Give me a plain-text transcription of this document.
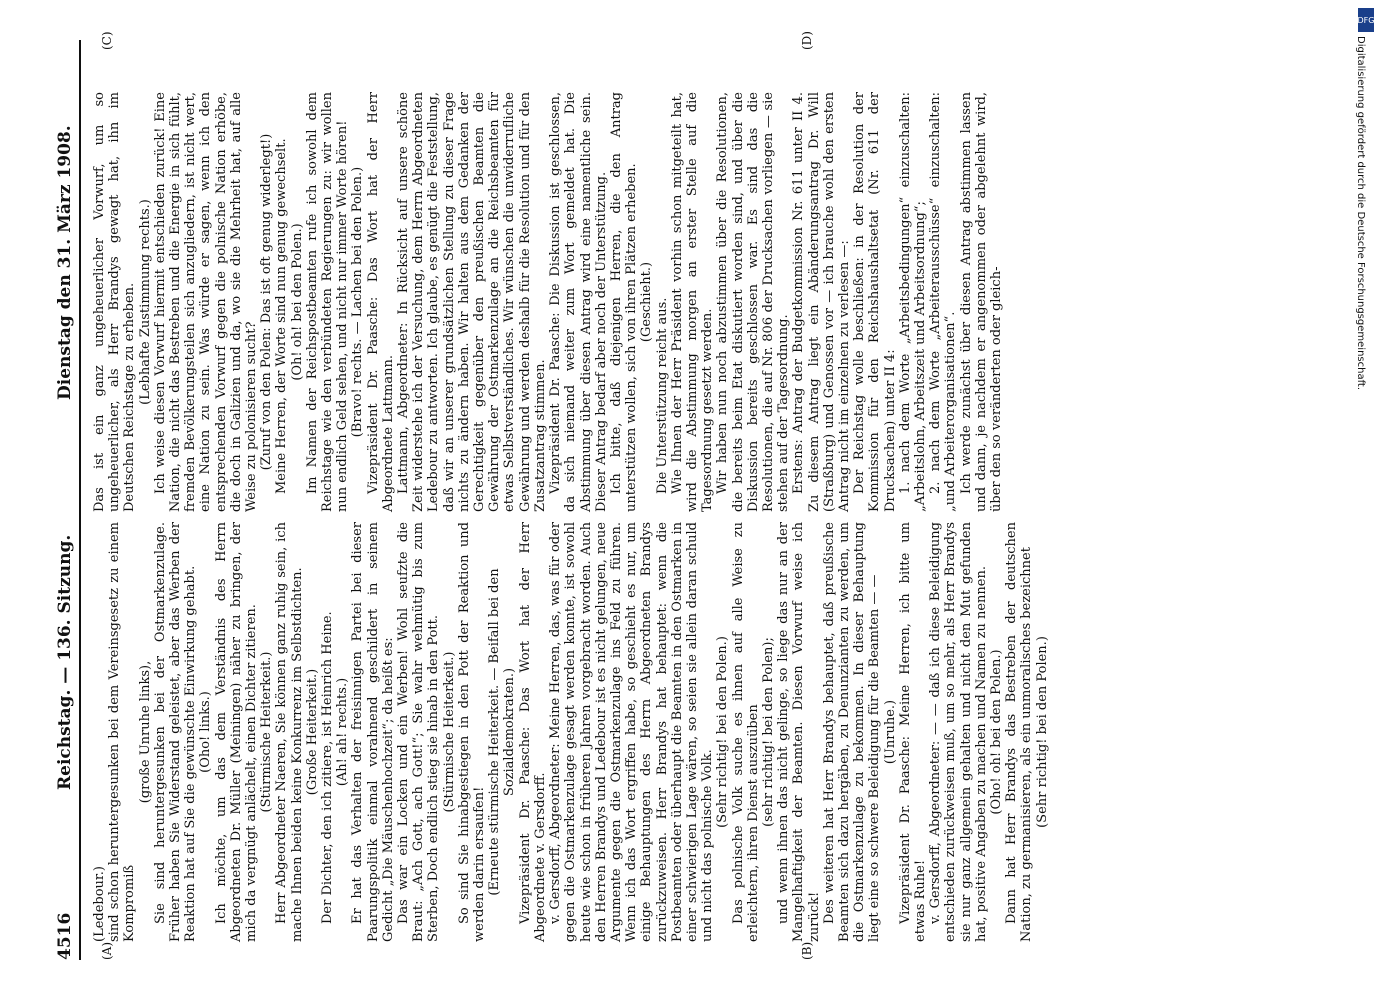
DFG
Digitalisierung gefördert durch die Deutsche Forschungsgemeinschaft.
4516
Reichstag. — 136. Sitzung.
Dienstag den 31. März 1908.
(A)	(B)
(C)	(D)

(Ledebour.) sind schon heruntergesunken bei dem Vereinsgesetz zu einem Kompromiß

(große Unruhe links), Sie sind heruntergesunken bei der Ostmarkenzulage. Früher haben Sie Widerstand geleistet, aber das Werben der Reaktion hat auf Sie die gewünschte Einwirkung gehabt. (Oho! links.) Ich möchte, um das dem Verständnis des Herrn Abgeordneten Dr. Müller (Meiningen) näher zu bringen, der mich da vergnügt anlächelt, einen Dichter zitieren. (Stürmische Heiterkeit.) Herr Abgeordneter Naeren, Sie können ganz ruhig sein, ich mache Ihnen beiden keine Konkurrenz im Selbstdichten. (Große Heiterkeit.) Der Dichter, den ich zitiere, ist Heinrich Heine. (Ah! ah! rechts.) Er hat das Verhalten der freisinnigen Partei bei dieser Paarungspolitik einmal vorahnend geschildert in seinem Gedicht „Die Mäuschenhochzeit“; da heißt es: Das war ein Locken und ein Werben! Wohl seufzte die Braut: „Ach Gott, ach Gott!“; Sie wahr wehmütig bis zum Sterben, Doch endlich stieg sie hinab in den Pott. (Stürmische Heiterkeit.) So sind Sie hinabgestiegen in den Pott der Reaktion und werden darin ersaufen! (Erneute stürmische Heiterkeit. — Beifall bei den Sozialdemokraten.) Vizepräsident Dr. Paasche: Das Wort hat der Herr Abgeordnete v. Gersdorff. v. Gersdorff, Abgeordneter: Meine Herren, das, was für oder gegen die Ostmarkenzulage gesagt werden konnte, ist sowohl heute wie schon in früheren Jahren vorgebracht worden. Auch den Herren Brandys und Ledebour ist es nicht gelungen, neue Argumente gegen die Ostmarkenzulage ins Feld zu führen. Wenn ich das Wort ergriffen habe, so geschieht es nur, um einige Behauptungen des Herrn Abgeordneten Brandys zurückzuweisen. Herr Brandys hat behauptet: wenn die Postbeamten oder überhaupt die Beamten in den Ostmarken in einer schwierigen Lage wären, so seien sie allein daran schuld und nicht das polnische Volk.

(Sehr richtig! bei den Polen.) Das polnische Volk suche es ihnen auf alle Weise zu erleichtern, ihren Dienst auszuüben (sehr richtig! bei den Polen); und wenn ihnen das nicht gelinge, so liege das nur an der Mangelhaftigkeit der Beamten. Diesen Vorwurf weise ich zurück! Des weiteren hat Herr Brandys behauptet, daß preußische Beamten sich dazu hergäben, zu Denunzianten zu werden, um die Ostmarkenzulage zu bekommen. In dieser Behauptung liegt eine so schwere Beleidigung für die Beamten — — (Unruhe.) Vizepräsident Dr. Paasche: Meine Herren, ich bitte um etwas Ruhe! v. Gersdorff, Abgeordneter: — — daß ich diese Beleidigung entschieden zurückweisen muß, um so mehr, als Herr Brandys sie nur ganz allgemein gehalten und nicht den Mut gefunden hat, positive Angaben zu machen und Namen zu nennen. (Oho! oh! bei den Polen.) Dann hat Herr Brandys das Bestreben der deutschen Nation, zu germanisieren, als ein unmoralisches bezeichnet (Sehr richtig! bei den Polen.)

Das ist ein ganz ungeheuerlicher Vorwurf, um so ungeheuerlicher, als Herr Brandys gewagt hat, ihn im Deutschen Reichstage zu erheben. (Lebhafte Zustimmung rechts.) Ich weise diesen Vorwurf hiermit entschieden zurück! Eine Nation, die nicht das Bestreben und die Energie in sich fühlt, fremden Bevölkerungsteilen sich anzugliedern, ist nicht wert, eine Nation zu sein. Was würde er sagen, wenn ich den entsprechenden Vorwurf gegen die polnische Nation erhöbe, die doch in Galizien und da, wo sie die Mehrheit hat, auf alle Weise zu polonisieren sucht? (Zuruf von den Polen: Das ist oft genug widerlegt!) Meine Herren, der Worte sind nun genug gewechselt. (Oh! oh! bei den Polen.) Im Namen der Reichspostbeamten rufe ich sowohl dem Reichstage wie den verbündeten Regierungen zu: wir wollen nun endlich Geld sehen, und nicht nur immer Worte hören! (Bravo! rechts. — Lachen bei den Polen.) Vizepräsident Dr. Paasche: Das Wort hat der Herr Abgeordnete Lattmann. Lattmann, Abgeordneter: In Rücksicht auf unsere schöne Zeit widerstehe ich der Versuchung, dem Herrn Abgeordneten Ledebour zu antworten. Ich glaube, es genügt die Feststellung, daß wir an unserer grundsätzlichen Stellung zu dieser Frage nichts zu ändern haben. Wir halten aus dem Gedanken der Gerechtigkeit gegenüber den preußischen Beamten die Gewährung der Ostmarkenzulage an die Reichsbeamten für etwas Selbstverständliches. Wir wünschen die unwiderrufliche Gewährung und werden deshalb für die Resolution und für den Zusatzantrag stimmen. Vizepräsident Dr. Paasche: Die Diskussion ist geschlossen, da sich niemand weiter zum Wort gemeldet hat. Die Abstimmung über diesen Antrag wird eine namentliche sein. Dieser Antrag bedarf aber noch der Unterstützung. Ich bitte, daß diejenigen Herren, die den Antrag unterstützen wollen, sich von ihren Plätzen erheben. (Geschieht.) Die Unterstützung reicht aus. Wie Ihnen der Herr Präsident vorhin schon mitgeteilt hat, wird die Abstimmung morgen an erster Stelle auf die Tagesordnung gesetzt werden. Wir haben nun noch abzustimmen über die Resolutionen, die bereits beim Etat diskutiert worden sind, und über die Diskussion bereits geschlossen war. Es sind das die Resolutionen, die auf Nr. 806 der Drucksachen vorliegen — sie stehen auf der Tagesordnung. Erstens: Antrag der Budgetkommission Nr. 611 unter II 4. Zu diesem Antrag liegt ein Abänderungsantrag Dr. Will (Straßburg) und Genossen vor — ich brauche wohl den ersten Antrag nicht im einzelnen zu verlesen —: Der Reichstag wolle beschließen: in der Resolution der Kommission für den Reichshaushaltsetat (Nr. 611 der Drucksachen) unter II 4: 1. nach dem Worte „Arbeitsbedingungen“ einzuschalten: „Arbeitslohn, Arbeitszeit und Arbeitsordnung“; 2. nach dem Worte „Arbeiterausschüsse“ einzuschalten: „und Arbeiterorganisationen“. Ich werde zunächst über diesen Antrag abstimmen lassen und dann, je nachdem er angenommen oder abgelehnt wird, über den so veränderten oder gleich-
